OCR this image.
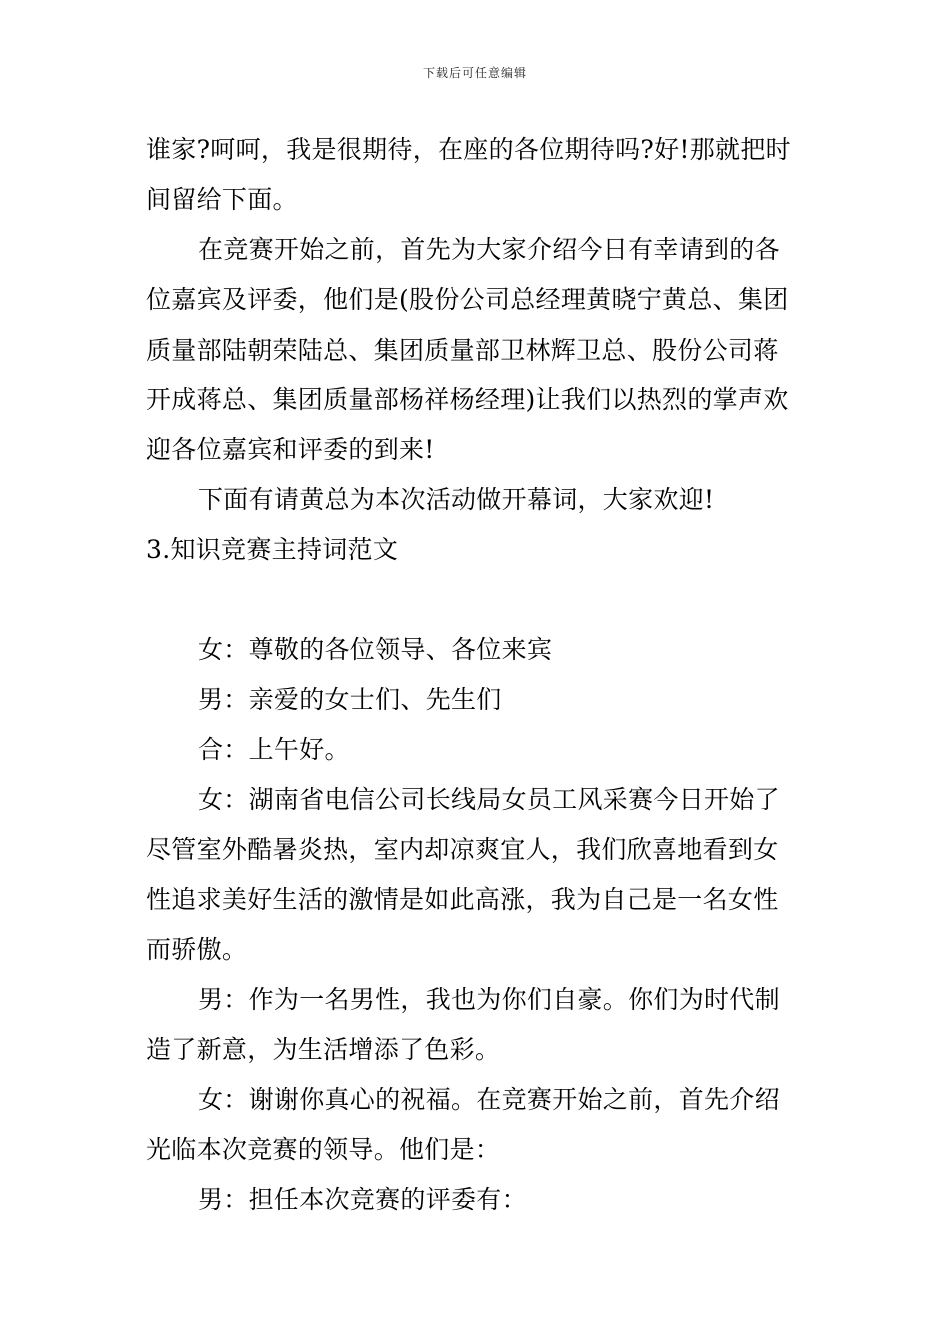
下载后可任意编辑
谁家?呵呵，我是很期待，在座的各位期待吗?好!那就把时
间留给下面。
在竞赛开始之前，首先为大家介绍今日有幸请到的各
位嘉宾及评委，他们是(股份公司总经理黄晓宁黄总、集团
质量部陆朝荣陆总、集团质量部卫林辉卫总、股份公司蒋
开成蒋总、集团质量部杨祥杨经理)让我们以热烈的掌声欢
迎各位嘉宾和评委的到来!
下面有请黄总为本次活动做开幕词，大家欢迎!
3.知识竞赛主持词范文
女：尊敬的各位领导、各位来宾
男：亲爱的女士们、先生们
合：上午好。
女：湖南省电信公司长线局女员工风采赛今日开始了
尽管室外酷暑炎热，室内却凉爽宜人，我们欣喜地看到女
性追求美好生活的激情是如此高涨，我为自己是一名女性
而骄傲。
男：作为一名男性，我也为你们自豪。你们为时代制
造了新意，为生活增添了色彩。
女：谢谢你真心的祝福。在竞赛开始之前，首先介绍
光临本次竞赛的领导。他们是：
男：担任本次竞赛的评委有：
